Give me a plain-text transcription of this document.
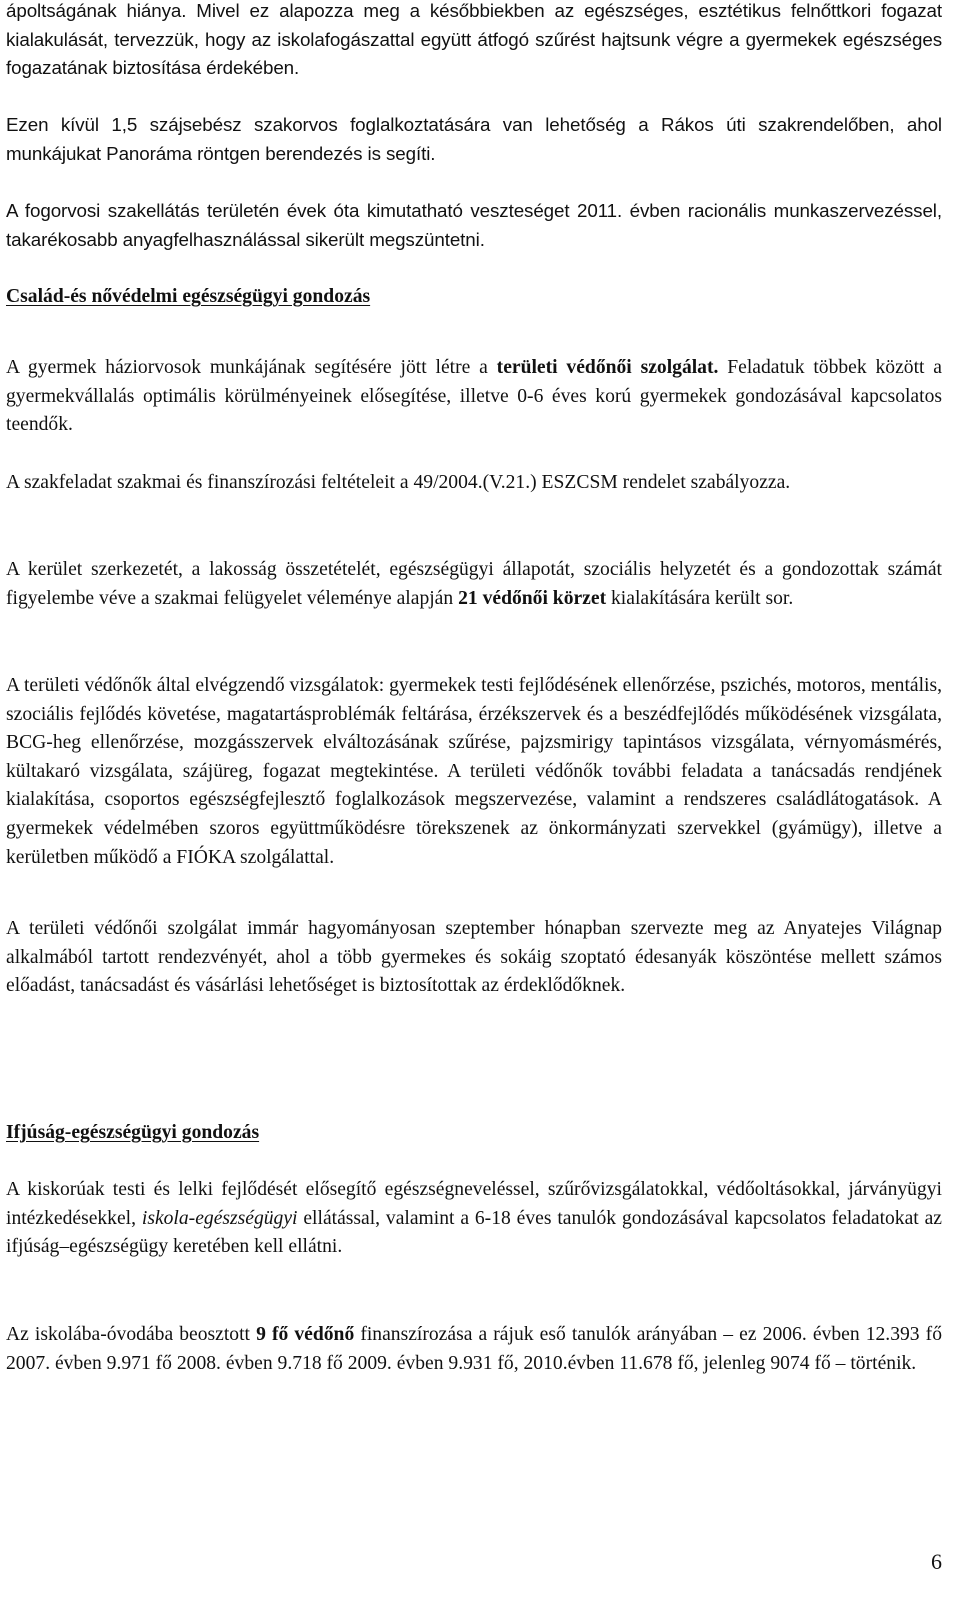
ápoltságának hiánya. Mivel ez alapozza meg a későbbiekben az egészséges, esztétikus felnőttkori fogazat kialakulását, tervezzük, hogy az iskolafogászattal együtt átfogó szűrést hajtsunk végre a gyermekek egészséges fogazatának biztosítása érdekében.

Ezen kívül 1,5 szájsebész szakorvos foglalkoztatására van lehetőség a Rákos úti szakrendelőben, ahol munkájukat Panoráma röntgen berendezés is segíti.

A fogorvosi szakellátás területén évek óta kimutatható veszteséget 2011. évben racionális munkaszervezéssel, takarékosabb anyagfelhasználással sikerült megszüntetni.

Család-és nővédelmi egészségügyi gondozás

A gyermek háziorvosok munkájának segítésére jött létre a területi védőnői szolgálat. Feladatuk többek között a gyermekvállalás optimális körülményeinek elősegítése, illetve 0-6 éves korú gyermekek gondozásával kapcsolatos teendők.

A szakfeladat szakmai és finanszírozási feltételeit a 49/2004.(V.21.) ESZCSM rendelet szabályozza.

A kerület szerkezetét, a lakosság összetételét, egészségügyi állapotát, szociális helyzetét és a gondozottak számát figyelembe véve a szakmai felügyelet véleménye alapján 21 védőnői körzet kialakítására került sor.

A területi védőnők által elvégzendő vizsgálatok: gyermekek testi fejlődésének ellenőrzése, pszichés, motoros, mentális, szociális fejlődés követése, magatartásproblémák feltárása, érzékszervek és a beszédfejlődés működésének vizsgálata, BCG-heg ellenőrzése, mozgásszervek elváltozásának szűrése, pajzsmirigy tapintásos vizsgálata, vérnyomásmérés, kültakaró vizsgálata, szájüreg, fogazat megtekintése. A területi védőnők további feladata a tanácsadás rendjének kialakítása, csoportos egészségfejlesztő foglalkozások megszervezése, valamint a rendszeres családlátogatások. A gyermekek védelmében szoros együttműködésre törekszenek az önkormányzati szervekkel (gyámügy), illetve a kerületben működő a FIÓKA szolgálattal.

A területi védőnői szolgálat immár hagyományosan szeptember hónapban szervezte meg az Anyatejes Világnap alkalmából tartott rendezvényét, ahol a több gyermekes és sokáig szoptató édesanyák köszöntése mellett számos előadást, tanácsadást és vásárlási lehetőséget is biztosítottak az érdeklődőknek.

Ifjúság-egészségügyi gondozás

A kiskorúak testi és lelki fejlődését elősegítő egészségneveléssel, szűrővizsgálatokkal, védőoltásokkal, járványügyi intézkedésekkel, iskola-egészségügyi ellátással, valamint a 6-18 éves tanulók gondozásával kapcsolatos feladatokat az ifjúság–egészségügy keretében kell ellátni.

Az iskolába-óvodába beosztott 9 fő védőnő finanszírozása a rájuk eső tanulók arányában – ez 2006. évben 12.393 fő 2007. évben 9.971 fő 2008. évben 9.718 fő 2009. évben 9.931 fő, 2010.évben 11.678 fő, jelenleg 9074 fő – történik.

6
